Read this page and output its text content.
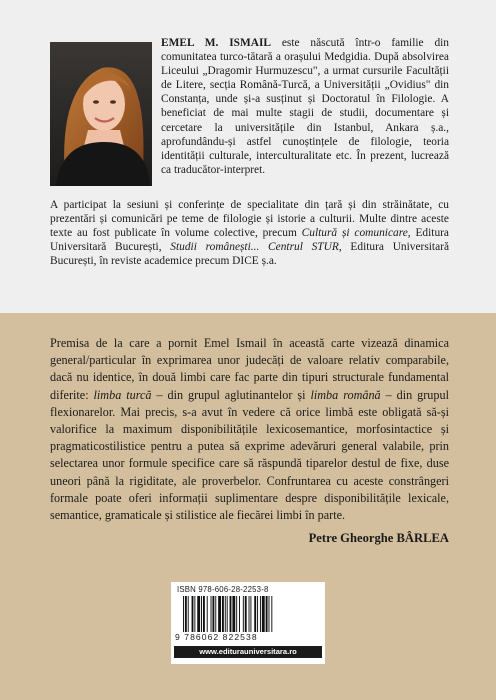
EMEL M. ISMAIL este născută într-o familie din comunitatea turco-tătară a orașului Medgidia. După absolvirea Liceului „Dragomir Hurmuzescu", a urmat cursurile Facultății de Litere, secția Română-Turcă, a Universității „Ovidius" din Constanța, unde și-a susținut și Doctoratul în Filologie. A beneficiat de mai multe stagii de studii, documentare și cercetare la universitățile din Istanbul, Ankara ș.a., aprofundându-și astfel cunoștințele de filologie, teoria identității culturale, interculturalitate etc. În prezent, lucrează ca traducător-interpret.

A participat la sesiuni și conferințe de specialitate din țară și din străinătate, cu prezentări și comunicări pe teme de filologie și istorie a culturii. Multe dintre aceste texte au fost publicate în volume colective, precum Cultură și comunicare, Editura Universitară București, Studii românești... Centrul STUR, Editura Universitară București, în reviste academice precum DICE ș.a.

Premisa de la care a pornit Emel Ismail în această carte vizează dinamica general/particular în exprimarea unor judecăți de valoare relativ comparabile, dacă nu identice, în două limbi care fac parte din tipuri structurale fundamental diferite: limba turcă – din grupul aglutinantelor și limba română – din grupul flexionarelor. Mai precis, s-a avut în vedere că orice limbă este obligată să-și valorifice la maximum disponibilitățile lexicosemantice, morfosintactice și pragmaticostilistice pentru a putea să exprime adevăruri general valabile, prin selectarea unor formule specifice care să răspundă tiparelor destul de fixe, duse uneori până la rigiditate, ale proverbelor. Confruntarea cu aceste constrângeri formale poate oferi informații suplimentare despre disponibilitățile lexicale, semantice, gramaticale și stilistice ale fiecărei limbi în parte.

Petre Gheorghe BÂRLEA

ISBN 978-606-28-2253-8

9 786062 822538

www.editurauniversitara.ro
